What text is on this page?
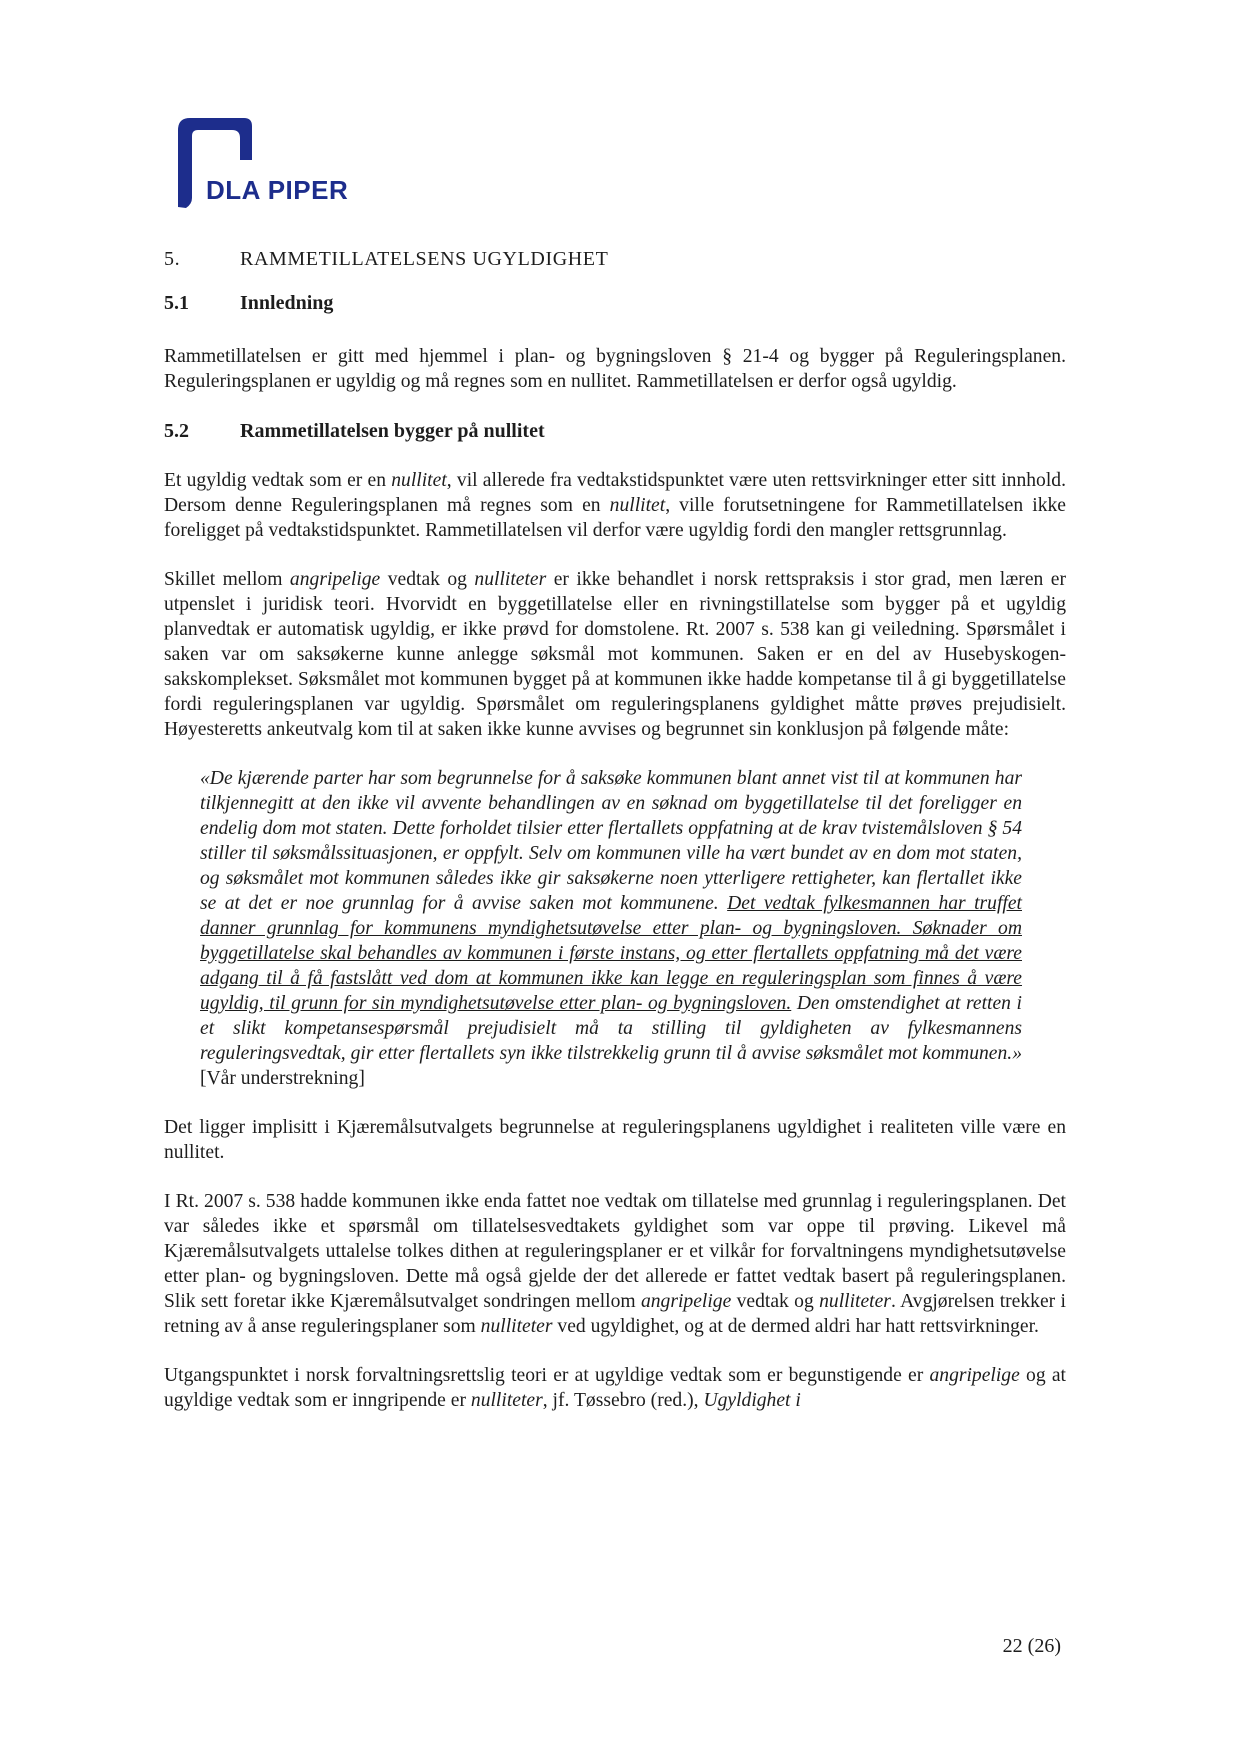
DLA PIPER
5.	RAMMETILLATELSENS UGYLDIGHET
5.1	Innledning

Rammetillatelsen er gitt med hjemmel i plan- og bygningsloven § 21-4 og bygger på Reguleringsplanen. Reguleringsplanen er ugyldig og må regnes som en nullitet. Rammetillatelsen er derfor også ugyldig.

5.2	Rammetillatelsen bygger på nullitet

Et ugyldig vedtak som er en nullitet, vil allerede fra vedtakstidspunktet være uten rettsvirkninger etter sitt innhold. Dersom denne Reguleringsplanen må regnes som en nullitet, ville forutsetningene for Rammetillatelsen ikke foreligget på vedtakstidspunktet. Rammetillatelsen vil derfor være ugyldig fordi den mangler rettsgrunnlag.

Skillet mellom angripelige vedtak og nulliteter er ikke behandlet i norsk rettspraksis i stor grad, men læren er utpenslet i juridisk teori. Hvorvidt en byggetillatelse eller en rivningstillatelse som bygger på et ugyldig planvedtak er automatisk ugyldig, er ikke prøvd for domstolene. Rt. 2007 s. 538 kan gi veiledning. Spørsmålet i saken var om saksøkerne kunne anlegge søksmål mot kommunen. Saken er en del av Husebyskogen-sakskomplekset. Søksmålet mot kommunen bygget på at kommunen ikke hadde kompetanse til å gi byggetillatelse fordi reguleringsplanen var ugyldig. Spørsmålet om reguleringsplanens gyldighet måtte prøves prejudisielt. Høyesteretts ankeutvalg kom til at saken ikke kunne avvises og begrunnet sin konklusjon på følgende måte:

«De kjærende parter har som begrunnelse for å saksøke kommunen blant annet vist til at kommunen har tilkjennegitt at den ikke vil avvente behandlingen av en søknad om byggetillatelse til det foreligger en endelig dom mot staten. Dette forholdet tilsier etter flertallets oppfatning at de krav tvistemålsloven § 54 stiller til søksmålssituasjonen, er oppfylt. Selv om kommunen ville ha vært bundet av en dom mot staten, og søksmålet mot kommunen således ikke gir saksøkerne noen ytterligere rettigheter, kan flertallet ikke se at det er noe grunnlag for å avvise saken mot kommunene. Det vedtak fylkesmannen har truffet danner grunnlag for kommunens myndighetsutøvelse etter plan- og bygningsloven. Søknader om byggetillatelse skal behandles av kommunen i første instans, og etter flertallets oppfatning må det være adgang til å få fastslått ved dom at kommunen ikke kan legge en reguleringsplan som finnes å være ugyldig, til grunn for sin myndighetsutøvelse etter plan- og bygningsloven. Den omstendighet at retten i et slikt kompetansespørsmål prejudisielt må ta stilling til gyldigheten av fylkesmannens reguleringsvedtak, gir etter flertallets syn ikke tilstrekkelig grunn til å avvise søksmålet mot kommunen.» [Vår understrekning]

Det ligger implisitt i Kjæremålsutvalgets begrunnelse at reguleringsplanens ugyldighet i realiteten ville være en nullitet.

I Rt. 2007 s. 538 hadde kommunen ikke enda fattet noe vedtak om tillatelse med grunnlag i reguleringsplanen. Det var således ikke et spørsmål om tillatelsesvedtakets gyldighet som var oppe til prøving. Likevel må Kjæremålsutvalgets uttalelse tolkes dithen at reguleringsplaner er et vilkår for forvaltningens myndighetsutøvelse etter plan- og bygningsloven. Dette må også gjelde der det allerede er fattet vedtak basert på reguleringsplanen. Slik sett foretar ikke Kjæremålsutvalget sondringen mellom angripelige vedtak og nulliteter. Avgjørelsen trekker i retning av å anse reguleringsplaner som nulliteter ved ugyldighet, og at de dermed aldri har hatt rettsvirkninger.

Utgangspunktet i norsk forvaltningsrettslig teori er at ugyldige vedtak som er begunstigende er angripelige og at ugyldige vedtak som er inngripende er nulliteter, jf. Tøssebro (red.), Ugyldighet i

22 (26)
